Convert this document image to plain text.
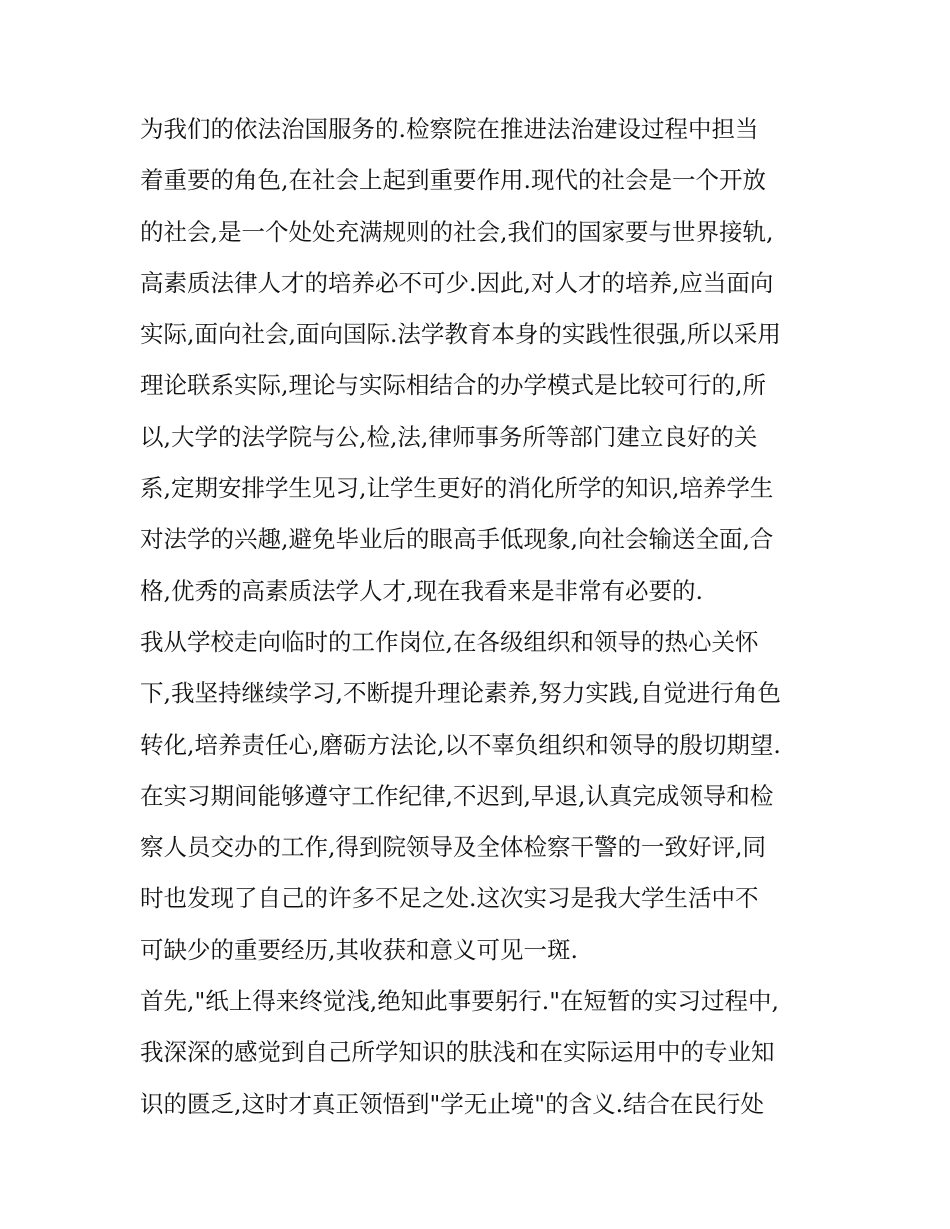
为我们的依法治国服务的.检察院在推进法治建设过程中担当
着重要的角色,在社会上起到重要作用.现代的社会是一个开放
的社会,是一个处处充满规则的社会,我们的国家要与世界接轨,
高素质法律人才的培养必不可少.因此,对人才的培养,应当面向
实际,面向社会,面向国际.法学教育本身的实践性很强,所以采用
理论联系实际,理论与实际相结合的办学模式是比较可行的,所
以,大学的法学院与公,检,法,律师事务所等部门建立良好的关
系,定期安排学生见习,让学生更好的消化所学的知识,培养学生
对法学的兴趣,避免毕业后的眼高手低现象,向社会输送全面,合
格,优秀的高素质法学人才,现在我看来是非常有必要的.
我从学校走向临时的工作岗位,在各级组织和领导的热心关怀
下,我坚持继续学习,不断提升理论素养,努力实践,自觉进行角色
转化,培养责任心,磨砺方法论,以不辜负组织和领导的殷切期望.
在实习期间能够遵守工作纪律,不迟到,早退,认真完成领导和检
察人员交办的工作,得到院领导及全体检察干警的一致好评,同
时也发现了自己的许多不足之处.这次实习是我大学生活中不
可缺少的重要经历,其收获和意义可见一斑.
首先,"纸上得来终觉浅,绝知此事要躬行."在短暂的实习过程中,
我深深的感觉到自己所学知识的肤浅和在实际运用中的专业知
识的匮乏,这时才真正领悟到"学无止境"的含义.结合在民行处
